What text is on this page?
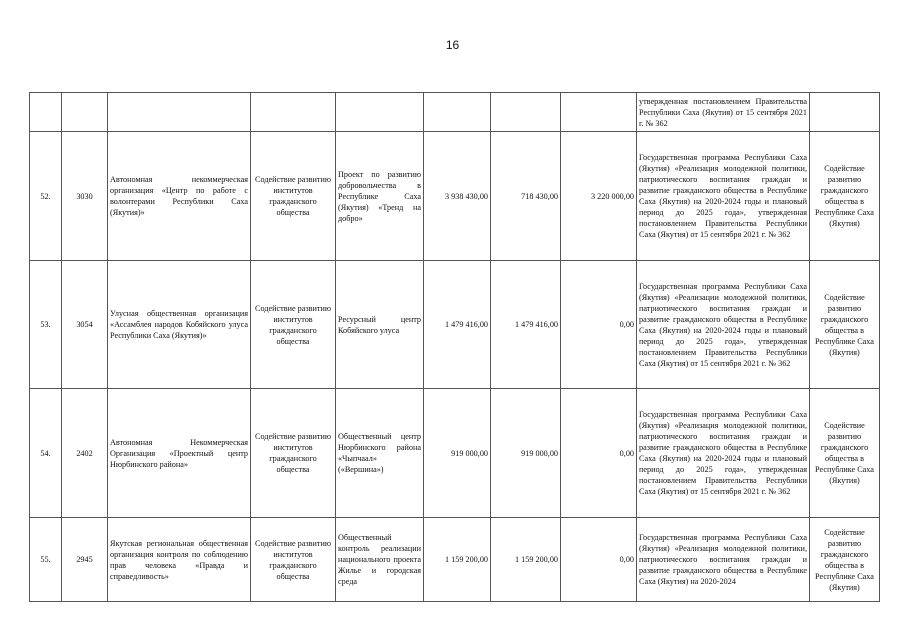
16
								утвержденная постановлением Правительства Республики Саха (Якутия) от 15 сентября 2021 г. № 362	
52.	3030	Автономная некоммерческая организация «Центр по работе с волонтерами Республики Саха (Якутия)»	Содействие развитию институтов гражданского общества	Проект по развитию добровольчества в Республике Саха (Якутия) «Тренд на добро»	3 938 430,00	718 430,00	3 220 000,00	Государственная программа Республики Саха (Якутия) «Реализация молодежной политики, патриотического воспитания граждан и развитие гражданского общества в Республике Саха (Якутия) на 2020-2024 годы и плановый период до 2025 года», утвержденная постановлением Правительства Республики Саха (Якутия) от 15 сентября 2021 г. № 362	Содействие развитию гражданского общества в Республике Саха (Якутия)
53.	3054	Улусная общественная организация «Ассамблея народов Кобяйского улуса Республики Саха (Якутия)»	Содействие развитию институтов гражданского общества	Ресурсный центр Кобяйского улуса	1 479 416,00	1 479 416,00	0,00	Государственная программа Республики Саха (Якутия) «Реализации молодежной политики, патриотического воспитания граждан и развитие гражданского общества в Республике Саха (Якутия) на 2020-2024 годы и плановый период до 2025 года», утвержденная постановлением Правительства Республики Саха (Якутия) от 15 сентября 2021 г. № 362	Содействие развитию гражданского общества в Республике Саха (Якутия)
54.	2402	Автономная Некоммерческая Организация «Проектный центр Нюрбинского района»	Содействие развитию институтов гражданского общества	Общественный центр Нюрбинского района «Чыпчаал» («Вершина»)	919 000,00	919 000,00	0,00	Государственная программа Республики Саха (Якутия) «Реализация молодежной политики, патриотического воспитания граждан и развитие гражданского общества в Республике Саха (Якутия) на 2020-2024 годы и плановый период до 2025 года», утвержденная постановлением Правительства Республики Саха (Якутия) от 15 сентября 2021 г. № 362	Содействие развитию гражданского общества в Республике Саха (Якутия)
55.	2945	Якутская региональная общественная организация контроля по соблюдению прав человека «Правда и справедливость»	Содействие развитию институтов гражданского общества	Общественный контроль реализации национального проекта Жилье и городская среда	1 159 200,00	1 159 200,00	0,00	Государственная программа Республики Саха (Якутия) «Реализация молодежной политики, патриотического воспитания граждан и развитие гражданского общества в Республике Саха (Якутия) на 2020-2024	Содействие развитию гражданского общества в Республике Саха (Якутия)
